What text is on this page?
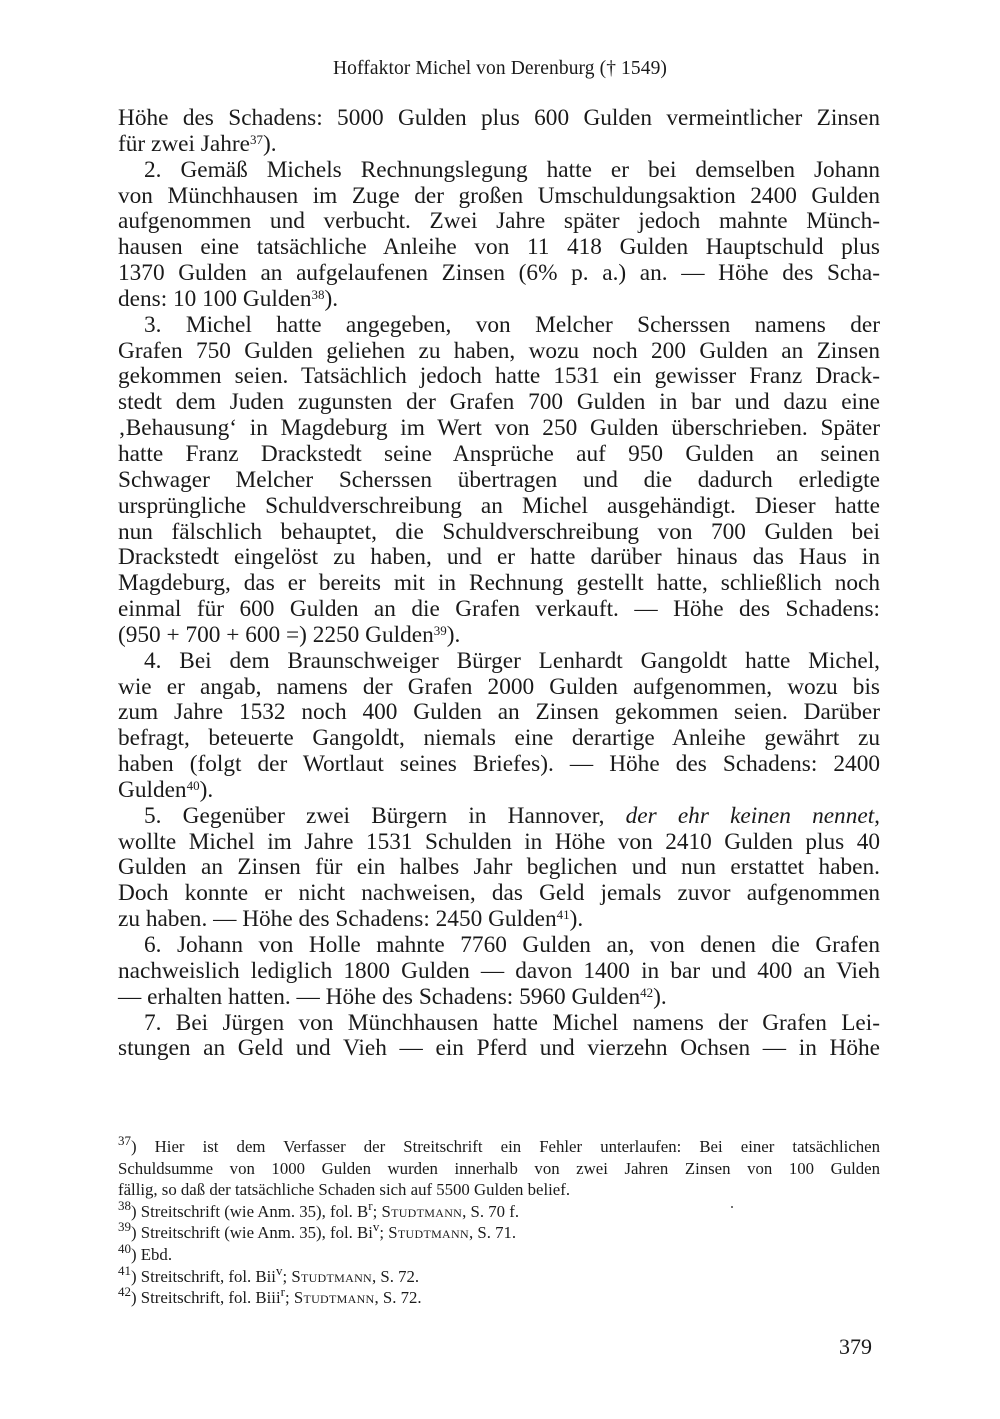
Hoffaktor Michel von Derenburg († 1549)
Höhe des Schadens: 5000 Gulden plus 600 Gulden vermeintlicher Zinsen
für zwei Jahre$^{37}$).
2. Gemäß Michels Rechnungslegung hatte er bei demselben Johann
von Münchhausen im Zuge der großen Umschuldungsaktion 2400 Gulden
aufgenommen und verbucht. Zwei Jahre später jedoch mahnte Münch-
hausen eine tatsächliche Anleihe von 11 418 Gulden Hauptschuld plus
1370 Gulden an aufgelaufenen Zinsen (6% p. a.) an. — Höhe des Scha-
dens: 10 100 Gulden$^{38}$).
3. Michel hatte angegeben, von Melcher Scherssen namens der
Grafen 750 Gulden geliehen zu haben, wozu noch 200 Gulden an Zinsen
gekommen seien. Tatsächlich jedoch hatte 1531 ein gewisser Franz Drack-
stedt dem Juden zugunsten der Grafen 700 Gulden in bar und dazu eine
‚Behausung‘ in Magdeburg im Wert von 250 Gulden überschrieben. Später
hatte Franz Drackstedt seine Ansprüche auf 950 Gulden an seinen
Schwager Melcher Scherssen übertragen und die dadurch erledigte
ursprüngliche Schuldverschreibung an Michel ausgehändigt. Dieser hatte
nun fälschlich behauptet, die Schuldverschreibung von 700 Gulden bei
Drackstedt eingelöst zu haben, und er hatte darüber hinaus das Haus in
Magdeburg, das er bereits mit in Rechnung gestellt hatte, schließlich noch
einmal für 600 Gulden an die Grafen verkauft. — Höhe des Schadens:
(950 + 700 + 600 =) 2250 Gulden$^{39}$).
4. Bei dem Braunschweiger Bürger Lenhardt Gangoldt hatte Michel,
wie er angab, namens der Grafen 2000 Gulden aufgenommen, wozu bis
zum Jahre 1532 noch 400 Gulden an Zinsen gekommen seien. Darüber
befragt, beteuerte Gangoldt, niemals eine derartige Anleihe gewährt zu
haben (folgt der Wortlaut seines Briefes). — Höhe des Schadens: 2400
Gulden$^{40}$).
5. Gegenüber zwei Bürgern in Hannover, der ehr keinen nennet,
wollte Michel im Jahre 1531 Schulden in Höhe von 2410 Gulden plus 40
Gulden an Zinsen für ein halbes Jahr beglichen und nun erstattet haben.
Doch konnte er nicht nachweisen, das Geld jemals zuvor aufgenommen
zu haben. — Höhe des Schadens: 2450 Gulden$^{41}$).
6. Johann von Holle mahnte 7760 Gulden an, von denen die Grafen
nachweislich lediglich 1800 Gulden — davon 1400 in bar und 400 an Vieh
— erhalten hatten. — Höhe des Schadens: 5960 Gulden$^{42}$).
7. Bei Jürgen von Münchhausen hatte Michel namens der Grafen Lei-
stungen an Geld und Vieh — ein Pferd und vierzehn Ochsen — in Höhe
$^{37}$) Hier ist dem Verfasser der Streitschrift ein Fehler unterlaufen: Bei einer tatsächlichen
Schuldsumme von 1000 Gulden wurden innerhalb von zwei Jahren Zinsen von 100 Gulden
fällig, so daß der tatsächliche Schaden sich auf 5500 Gulden belief.
$^{38}$) Streitschrift (wie Anm. 35), fol. $B^r$; Studtmann, S. 70 f.
$^{39}$) Streitschrift (wie Anm. 35), fol. Bi$^v$; Studtmann, S. 71.
$^{40}$) Ebd.
$^{41}$) Streitschrift, fol. Bii$^v$; Studtmann, S. 72.
$^{42}$) Streitschrift, fol. Biii$^r$; Studtmann, S. 72.
379
